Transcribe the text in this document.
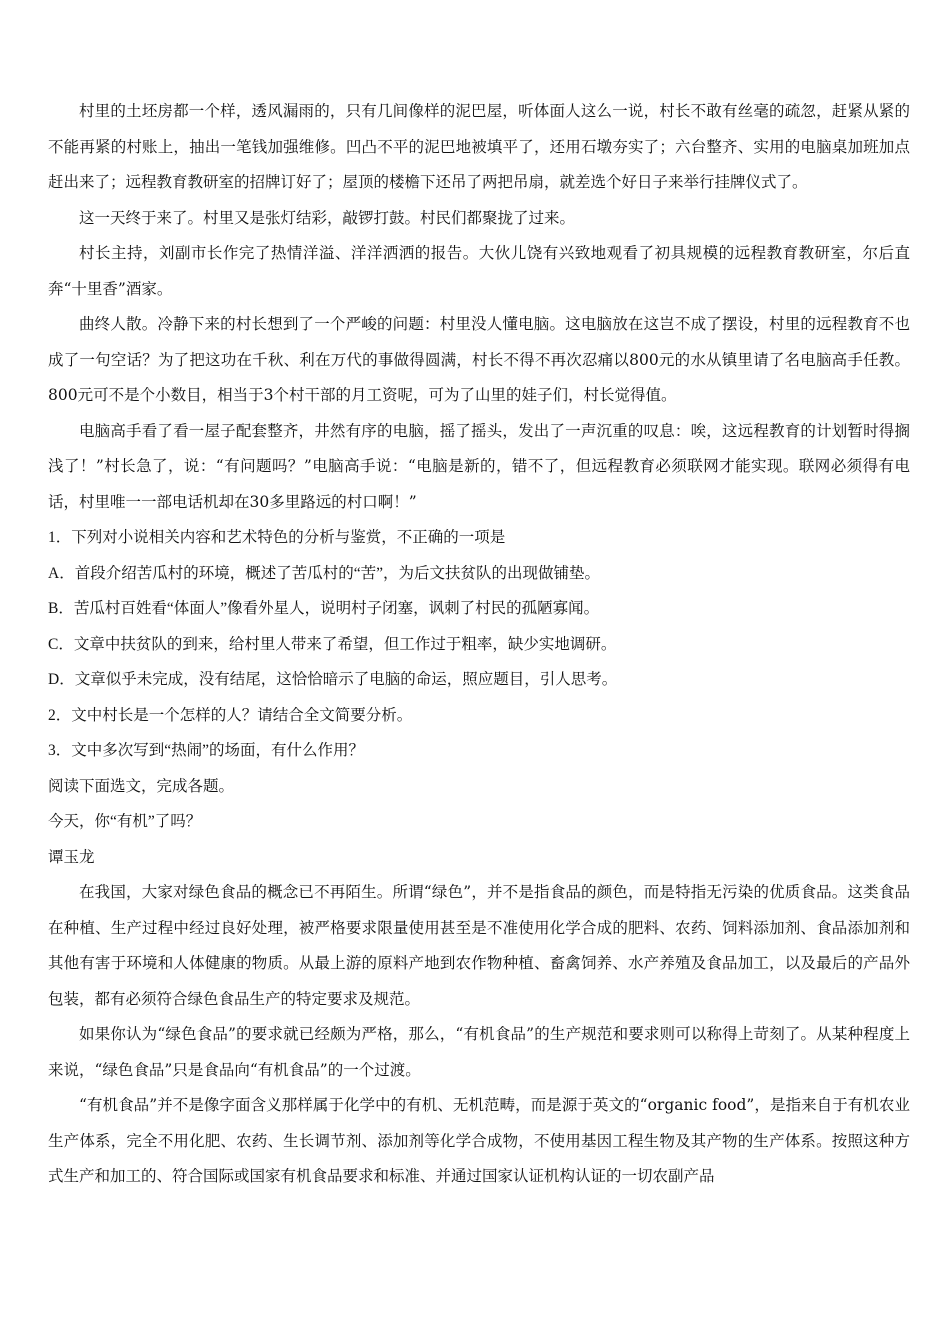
村里的土坯房都一个样，透风漏雨的，只有几间像样的泥巴屋，听体面人这么一说，村长不敢有丝毫的疏忽，赶紧从紧的不能再紧的村账上，抽出一笔钱加强维修。凹凸不平的泥巴地被填平了，还用石墩夯实了；六台整齐、实用的电脑桌加班加点赶出来了；远程教育教研室的招牌订好了；屋顶的楼檐下还吊了两把吊扇，就差选个好日子来举行挂牌仪式了。

这一天终于来了。村里又是张灯结彩，敲锣打鼓。村民们都聚拢了过来。

村长主持，刘副市长作完了热情洋溢、洋洋洒洒的报告。大伙儿饶有兴致地观看了初具规模的远程教育教研室，尔后直奔“十里香”酒家。

曲终人散。冷静下来的村长想到了一个严峻的问题：村里没人懂电脑。这电脑放在这岂不成了摆设，村里的远程教育不也成了一句空话？为了把这功在千秋、利在万代的事做得圆满，村长不得不再次忍痛以800元的水从镇里请了名电脑高手任教。800元可不是个小数目，相当于3个村干部的月工资呢，可为了山里的娃子们，村长觉得值。

电脑高手看了看一屋子配套整齐，井然有序的电脑，摇了摇头，发出了一声沉重的叹息：唉，这远程教育的计划暂时得搁浅了！”村长急了，说：“有问题吗？”电脑高手说：“电脑是新的，错不了，但远程教育必须联网才能实现。联网必须得有电话，村里唯一一部电话机却在30多里路远的村口啊！”

1．下列对小说相关内容和艺术特色的分析与鉴赏，不正确的一项是

A．首段介绍苦瓜村的环境，概述了苦瓜村的“苦”，为后文扶贫队的出现做铺垫。

B．苦瓜村百姓看“体面人”像看外星人，说明村子闭塞，讽刺了村民的孤陋寡闻。

C．文章中扶贫队的到来，给村里人带来了希望，但工作过于粗率，缺少实地调研。

D．文章似乎未完成，没有结尾，这恰恰暗示了电脑的命运，照应题目，引人思考。

2．文中村长是一个怎样的人？请结合全文简要分析。

3．文中多次写到“热闹”的场面，有什么作用？

阅读下面选文，完成各题。

今天，你“有机”了吗？

谭玉龙

在我国，大家对绿色食品的概念已不再陌生。所谓“绿色”，并不是指食品的颜色，而是特指无污染的优质食品。这类食品在种植、生产过程中经过良好处理，被严格要求限量使用甚至是不准使用化学合成的肥料、农药、饲料添加剂、食品添加剂和其他有害于环境和人体健康的物质。从最上游的原料产地到农作物种植、畜禽饲养、水产养殖及食品加工，以及最后的产品外包装，都有必须符合绿色食品生产的特定要求及规范。

如果你认为“绿色食品”的要求就已经颇为严格，那么，“有机食品”的生产规范和要求则可以称得上苛刻了。从某种程度上来说，“绿色食品”只是食品向“有机食品”的一个过渡。

“有机食品”并不是像字面含义那样属于化学中的有机、无机范畴，而是源于英文的“organic food”，是指来自于有机农业生产体系，完全不用化肥、农药、生长调节剂、添加剂等化学合成物，不使用基因工程生物及其产物的生产体系。按照这种方式生产和加工的、符合国际或国家有机食品要求和标准、并通过国家认证机构认证的一切农副产品
